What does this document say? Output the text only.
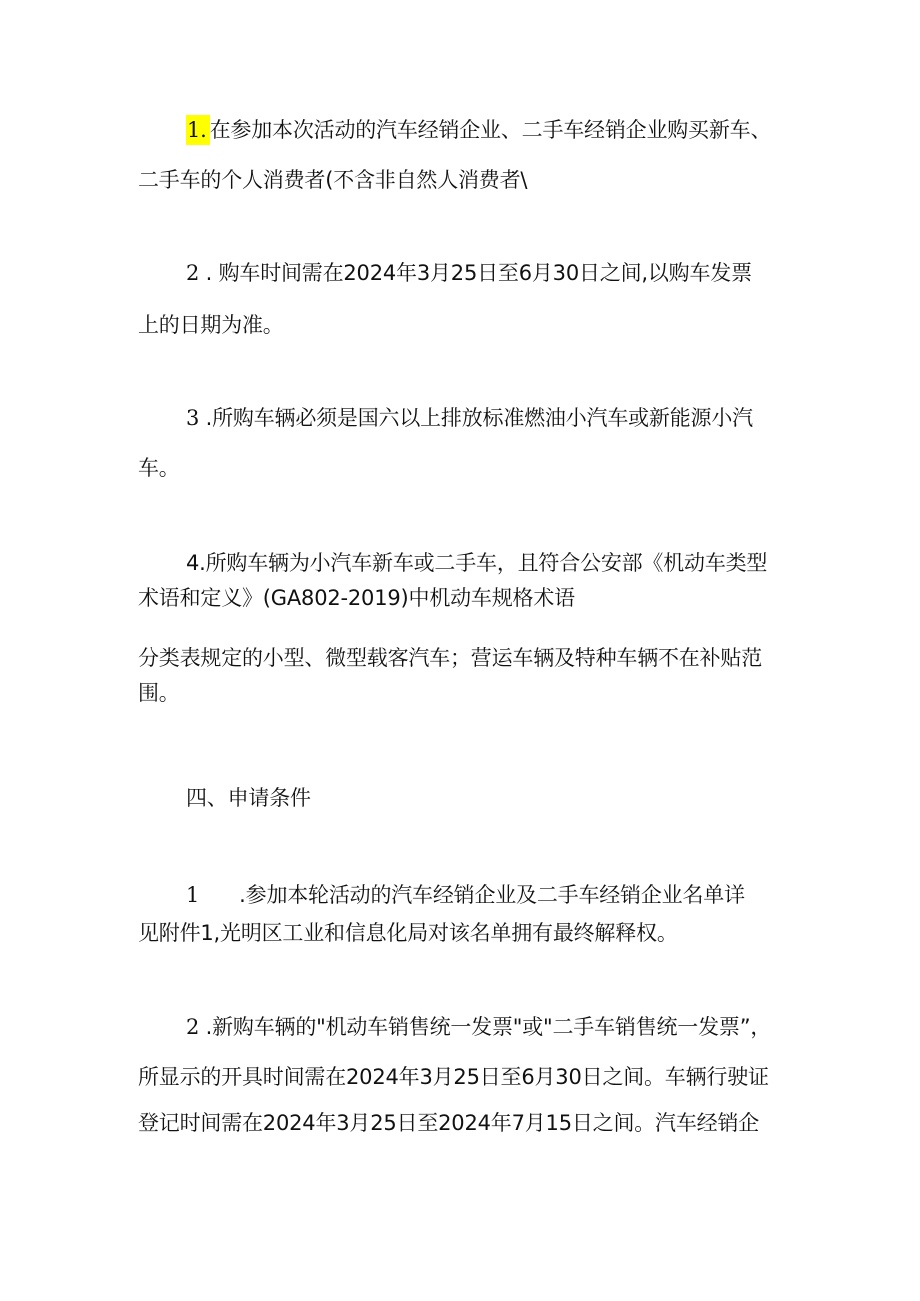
1. 在参加本次活动的汽车经销企业、二手车经销企业购买新车、
二手车的个人消费者(不含非自然人消费者\
2 . 购车时间需在2024年3月25日至6月30日之间,以购车发票
上的日期为准。
3 .所购车辆必须是国六以上排放标准燃油小汽车或新能源小汽
车。
4.所购车辆为小汽车新车或二手车，且符合公安部《机动车类型
术语和定义》(GA802-2019)中机动车规格术语
分类表规定的小型、微型载客汽车；营运车辆及特种车辆不在补贴范
围。
四、申请条件
1 .参加本轮活动的汽车经销企业及二手车经销企业名单详
见附件1,光明区工业和信息化局对该名单拥有最终解释权。
2 .新购车辆的"机动车销售统一发票"或"二手车销售统一发票”，
所显示的开具时间需在2024年3月25日至6月30日之间。车辆行驶证
登记时间需在2024年3月25日至2024年7月15日之间。汽车经销企
